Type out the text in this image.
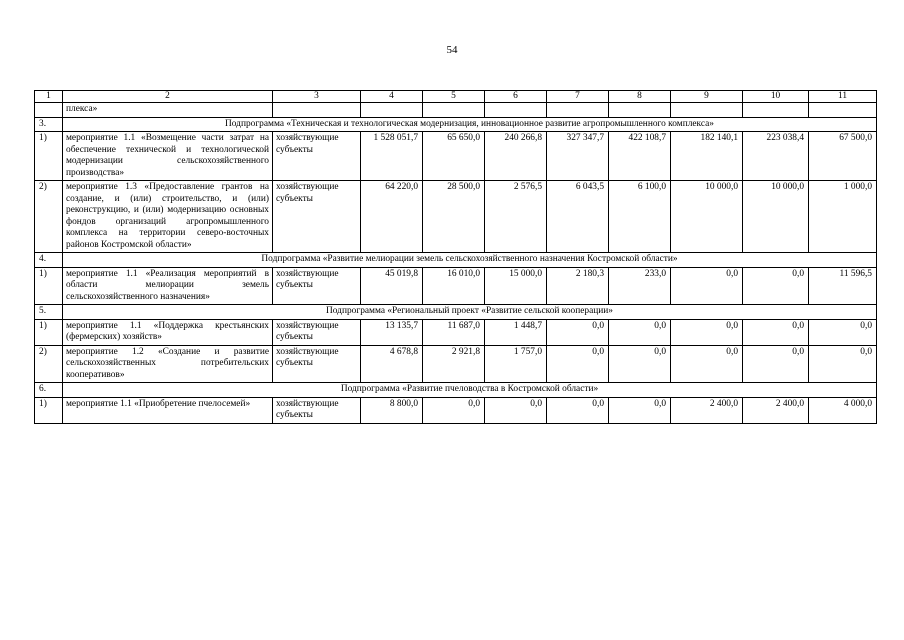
54
1	2	3	4	5	6	7	8	9	10	11
	плекса»									
3.	Подпрограмма «Техническая и технологическая модернизация, инновационное развитие агропромышленного комплекса»									
1)	мероприятие 1.1 «Возмещение части затрат на обеспечение технической и технологической модернизации сельскохозяйственного производства»	хозяйствующие субъекты	1 528 051,7	65 650,0	240 266,8	327 347,7	422 108,7	182 140,1	223 038,4	67 500,0
2)	мероприятие 1.3 «Предоставление грантов на создание, и (или) строительство, и (или) реконструкцию, и (или) модернизацию основных фондов организаций агропромышленного комплекса на территории северо-восточных районов Костромской области»	хозяйствующие субъекты	64 220,0	28 500,0	2 576,5	6 043,5	6 100,0	10 000,0	10 000,0	1 000,0
4.	Подпрограмма «Развитие мелиорации земель сельскохозяйственного назначения Костромской области»									
1)	мероприятие 1.1 «Реализация мероприятий в области мелиорации земель сельскохозяйственного назначения»	хозяйствующие субъекты	45 019,8	16 010,0	15 000,0	2 180,3	233,0	0,0	0,0	11 596,5
5.	Подпрограмма «Региональный проект «Развитие сельской кооперации»									
1)	мероприятие 1.1 «Поддержка крестьянских (фермерских) хозяйств»	хозяйствующие субъекты	13 135,7	11 687,0	1 448,7	0,0	0,0	0,0	0,0	0,0
2)	мероприятие 1.2 «Создание и развитие сельскохозяйственных потребительских кооперативов»	хозяйствующие субъекты	4 678,8	2 921,8	1 757,0	0,0	0,0	0,0	0,0	0,0
6.	Подпрограмма «Развитие пчеловодства в Костромской области»									
1)	мероприятие 1.1 «Приобретение пчелосемей»	хозяйствующие субъекты	8 800,0	0,0	0,0	0,0	0,0	2 400,0	2 400,0	4 000,0
